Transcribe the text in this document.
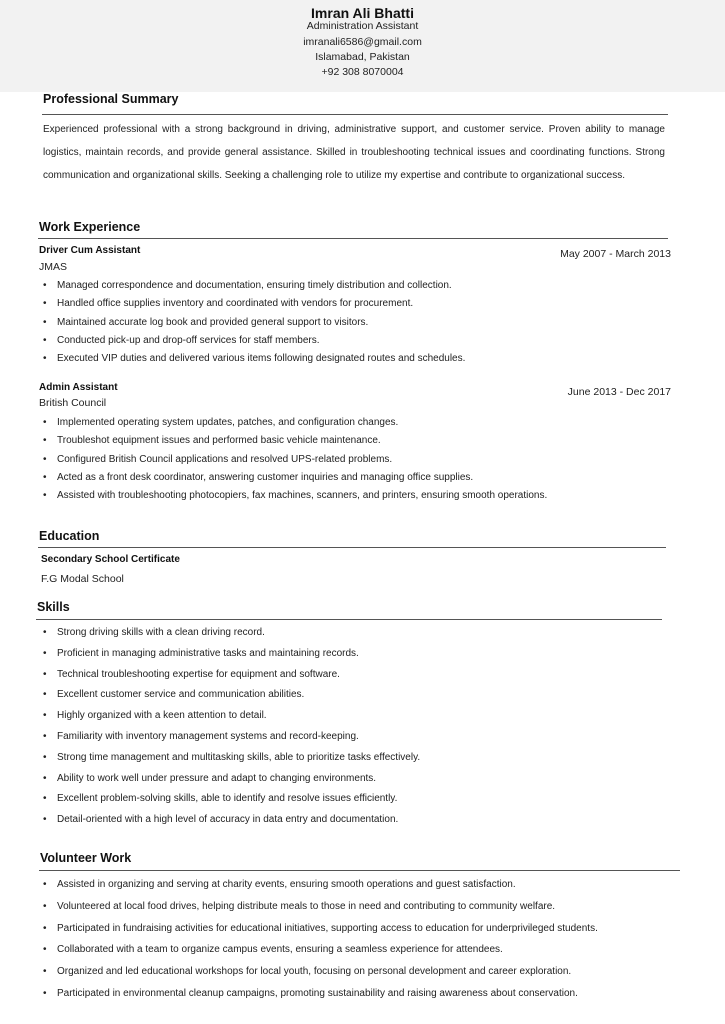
Imran Ali Bhatti
Administration Assistant
imranali6586@gmail.com
Islamabad, Pakistan
+92 308 8070004
Professional Summary
Experienced professional with a strong background in driving, administrative support, and customer service. Proven ability to manage logistics, maintain records, and provide general assistance. Skilled in troubleshooting technical issues and coordinating functions. Strong communication and organizational skills. Seeking a challenging role to utilize my expertise and contribute to organizational success.
Work Experience
Driver Cum Assistant
JMAS
May 2007 - March 2013
• Managed correspondence and documentation, ensuring timely distribution and collection.
• Handled office supplies inventory and coordinated with vendors for procurement.
• Maintained accurate log book and provided general support to visitors.
• Conducted pick-up and drop-off services for staff members.
• Executed VIP duties and delivered various items following designated routes and schedules.
Admin Assistant
British Council
June 2013 - Dec 2017
• Implemented operating system updates, patches, and configuration changes.
• Troubleshot equipment issues and performed basic vehicle maintenance.
• Configured British Council applications and resolved UPS-related problems.
• Acted as a front desk coordinator, answering customer inquiries and managing office supplies.
• Assisted with troubleshooting photocopiers, fax machines, scanners, and printers, ensuring smooth operations.
Education
Secondary School Certificate
F.G Modal School
Skills
• Strong driving skills with a clean driving record.
• Proficient in managing administrative tasks and maintaining records.
• Technical troubleshooting expertise for equipment and software.
• Excellent customer service and communication abilities.
• Highly organized with a keen attention to detail.
• Familiarity with inventory management systems and record-keeping.
• Strong time management and multitasking skills, able to prioritize tasks effectively.
• Ability to work well under pressure and adapt to changing environments.
• Excellent problem-solving skills, able to identify and resolve issues efficiently.
• Detail-oriented with a high level of accuracy in data entry and documentation.
Volunteer Work
• Assisted in organizing and serving at charity events, ensuring smooth operations and guest satisfaction.
• Volunteered at local food drives, helping distribute meals to those in need and contributing to community welfare.
• Participated in fundraising activities for educational initiatives, supporting access to education for underprivileged students.
• Collaborated with a team to organize campus events, ensuring a seamless experience for attendees.
• Organized and led educational workshops for local youth, focusing on personal development and career exploration.
• Participated in environmental cleanup campaigns, promoting sustainability and raising awareness about conservation.
